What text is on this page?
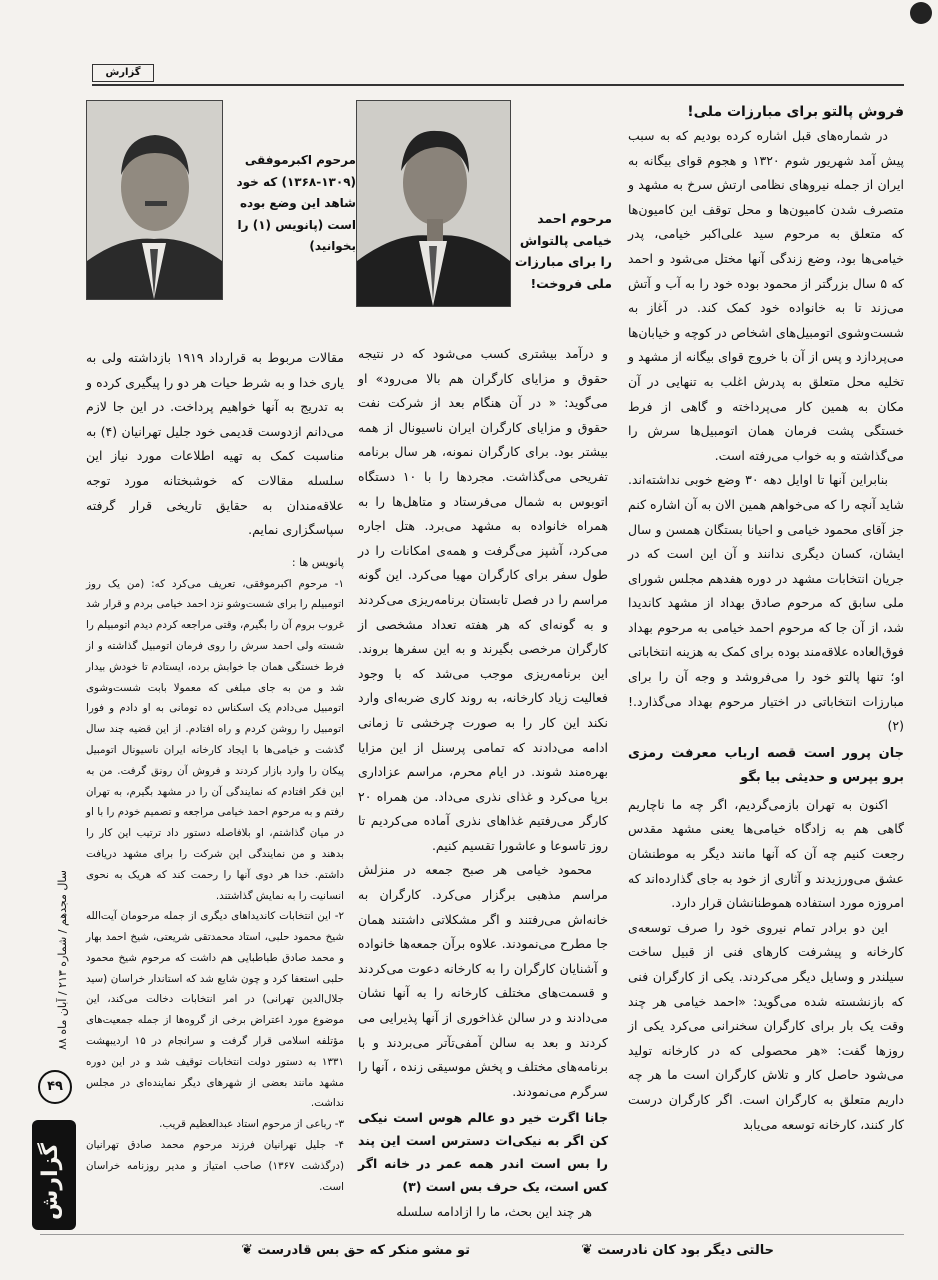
گزارش

فروش پالتو برای مبارزات ملی!

در شماره‌های قبل اشاره کرده بودیم که به سبب پیش آمد شهریور شوم ۱۳۲۰ و هجوم قوای بیگانه به ایران از جمله نیروهای نظامی ارتش سرخ به مشهد و متصرف شدن کامیون‌ها و محل توقف این کامیون‌ها که متعلق به مرحوم سید علی‌اکبر خیامی، پدر خیامی‌ها بود، وضع زندگی آنها مختل می‌شود و احمد که ۵ سال بزرگتر از محمود بوده خود را به آب و آتش می‌زند تا به خانواده خود کمک کند. در آغاز به شست‌وشوی اتومبیل‌های اشخاص در کوچه و خیابان‌ها می‌پردازد و پس از آن با خروج قوای بیگانه از مشهد و تخلیه محل متعلق به پدرش اغلب به تنهایی در آن مکان به همین کار می‌پرداخته و گاهی از فرط خستگی پشت فرمان همان اتومبیل‌ها سرش را می‌گذاشته و به خواب می‌رفته است.

بنابراین آنها تا اوایل دهه ۳۰ وضع خوبی نداشته‌اند. شاید آنچه را که می‌خواهم همین الان به آن اشاره کنم جز آقای محمود خیامی و احیانا بستگان همسن و سال ایشان، کسان دیگری ندانند و آن این است که در جریان انتخابات مشهد در دوره هفدهم مجلس شورای ملی سابق که مرحوم صادق بهداد از مشهد کاندیدا شد، از آن جا که مرحوم احمد خیامی به مرحوم بهداد فوق‌العاده علاقه‌مند بوده برای کمک به هزینه انتخاباتی او؛ تنها پالتو خود را می‌فروشد و وجه آن را برای مبارزات انتخاباتی در اختیار مرحوم بهداد می‌گذارد.! (۲)

جان پرور است قصه ارباب معرفت رمزی برو بپرس و حدیثی بیا بگو

اکنون به تهران بازمی‌گردیم، اگر چه ما ناچاریم گاهی هم به زادگاه خیامی‌ها یعنی مشهد مقدس رجعت کنیم چه آن که آنها مانند دیگر به موطنشان عشق می‌ورزیدند و آثاری از خود به جای گذارده‌اند که امروزه مورد استفاده هموطنانشان قرار دارد.

این دو برادر تمام نیروی خود را صرف توسعه‌ی کارخانه و پیشرفت کارهای فنی از قبیل ساخت سیلندر و وسایل دیگر می‌کردند. یکی از کارگران فنی که بازنشسته شده می‌گوید: «احمد خیامی هر چند وقت یک بار برای کارگران سخنرانی می‌کرد یکی از روزها گفت: «هر محصولی که در کارخانه تولید می‌شود حاصل کار و تلاش کارگران است ما هر چه داریم متعلق به کارگران است. اگر کارگران درست کار کنند، کارخانه توسعه می‌یابد

مرحوم احمد خیامی پالتواش را برای مبارزات ملی فروخت!
مرحوم اکبرموفقی (۱۳۰۹-۱۳۶۸) که خود شاهد این وضع بوده است (پانویس (۱) را بخوانید)

و درآمد بیشتری کسب می‌شود که در نتیجه حقوق و مزایای کارگران هم بالا می‌رود» او می‌گوید: « در آن هنگام بعد از شرکت نفت حقوق و مزایای کارگران ایران ناسیونال از همه بیشتر بود. برای کارگران نمونه، هر سال برنامه تفریحی می‌گذاشت. مجردها را با ۱۰ دستگاه اتوبوس به شمال می‌فرستاد و متاهل‌ها را به همراه خانواده به مشهد می‌برد. هتل اجاره می‌کرد، آشپز می‌گرفت و همه‌ی امکانات را در طول سفر برای کارگران مهیا می‌کرد. این گونه مراسم را در فصل تابستان برنامه‌ریزی می‌کردند و به گونه‌ای که هر هفته تعداد مشخصی از کارگران مرخصی بگیرند و به این سفرها بروند. این برنامه‌ریزی موجب می‌شد که با وجود فعالیت زیاد کارخانه، به روند کاری ضربه‌ای وارد نکند این کار را به صورت چرخشی تا زمانی ادامه می‌دادند که تمامی پرسنل از این مزایا بهره‌مند شوند. در ایام محرم، مراسم عزاداری برپا می‌کرد و غذای نذری می‌داد. من همراه ۲۰ کارگر می‌رفتیم غذاهای نذری آماده می‌کردیم تا روز تاسوعا و عاشورا تقسیم کنیم.

محمود خیامی هر صبح جمعه در منزلش مراسم مذهبی برگزار می‌کرد. کارگران به خانه‌اش می‌رفتند و اگر مشکلاتی داشتند همان جا مطرح می‌نمودند. علاوه برآن جمعه‌ها خانواده و آشنایان کارگران را به کارخانه دعوت می‌کردند و قسمت‌های مختلف کارخانه را به آنها نشان می‌دادند و در سالن غذاخوری از آنها پذیرایی می کردند و بعد به سالن آمفی‌تآتر می‌بردند و با برنامه‌های مختلف و پخش موسیقی زنده ، آنها را سرگرم می‌نمودند.

جانا اگرت خیر دو عالم هوس است نیکی کن اگر به نیکی‌ات دسترس است این پند را بس است اندر همه عمر در خانه اگر کس است، یک حرف بس است (۳)

هر چند این بحث، ما را ازادامه سلسله

مقالات مربوط به قرارداد ۱۹۱۹ بازداشته ولی به یاری خدا و به شرط حیات هر دو را پیگیری کرده و به تدریج به آنها خواهیم پرداخت. در این جا لازم می‌دانم ازدوست قدیمی خود جلیل تهرانیان (۴) به مناسبت کمک به تهیه اطلاعات مورد نیاز این سلسله مقالات که خوشبختانه مورد توجه علاقه‌مندان به حقایق تاریخی قرار گرفته سپاسگزاری نمایم.

پانویس ها :

۱- مرحوم اکبرموفقی، تعریف می‌کرد که: (من یک روز اتومبیلم را برای شست‌وشو نزد احمد خیامی بردم و قرار شد غروب بروم آن را بگیرم، وقتی مراجعه کردم دیدم اتومبیلم را شسته ولی احمد سرش را روی فرمان اتومبیل گذاشته و از فرط خستگی همان جا خوابش برده، ایستادم تا خودش بیدار شد و من به جای مبلغی که معمولا بابت شست‌وشوی اتومبیل می‌دادم یک اسکناس ده تومانی به او دادم و فورا اتومبیل را روشن کردم و راه افتادم. از این قضیه چند سال گذشت و خیامی‌ها با ایجاد کارخانه ایران ناسیونال اتومبیل پیکان را وارد بازار کردند و فروش آن رونق گرفت. من به این فکر افتادم که نمایندگی آن را در مشهد بگیرم، به تهران رفتم و به مرحوم احمد خیامی مراجعه و تصمیم خودم را با او در میان گذاشتم، او بلافاصله دستور داد ترتیب این کار را بدهند و من نمایندگی این شرکت را برای مشهد دریافت داشتم. خدا هر دوی آنها را رحمت کند که هریک به نحوی انسانیت را به نمایش گذاشتند.

۲- این انتخابات کاندیداهای دیگری از جمله مرحومان آیت‌الله شیخ محمود حلبی، استاد محمدتقی شریعتی، شیخ احمد بهار و محمد صادق طباطبایی هم داشت که مرحوم شیخ محمود حلبی استعفا کرد و چون شایع شد که استاندار خراسان (سید جلال‌الدین تهرانی) در امر انتخابات دخالت می‌کند، این موضوع مورد اعتراض برخی از گروه‌ها از جمله جمعیت‌های مؤتلفه اسلامی قرار گرفت و سرانجام در ۱۵ اردیبهشت ۱۳۳۱ به دستور دولت انتخابات توقیف شد و در این دوره مشهد مانند بعضی از شهرهای دیگر نماینده‌ای در مجلس نداشت.

۳- رباعی از مرحوم استاد عبدالعظیم قریب.

۴- جلیل تهرانیان فرزند مرحوم محمد صادق تهرانیان (درگذشت ۱۳۶۷) صاحب امتیاز و مدیر روزنامه خراسان است.

سال مجدهم / شماره ۲۱۳ / آبان ماه ۸۸
۴۹
گزارش
حالتی دیگر بود کان نادرست ❦
تو مشو منکر که حق بس قادرست ❦
